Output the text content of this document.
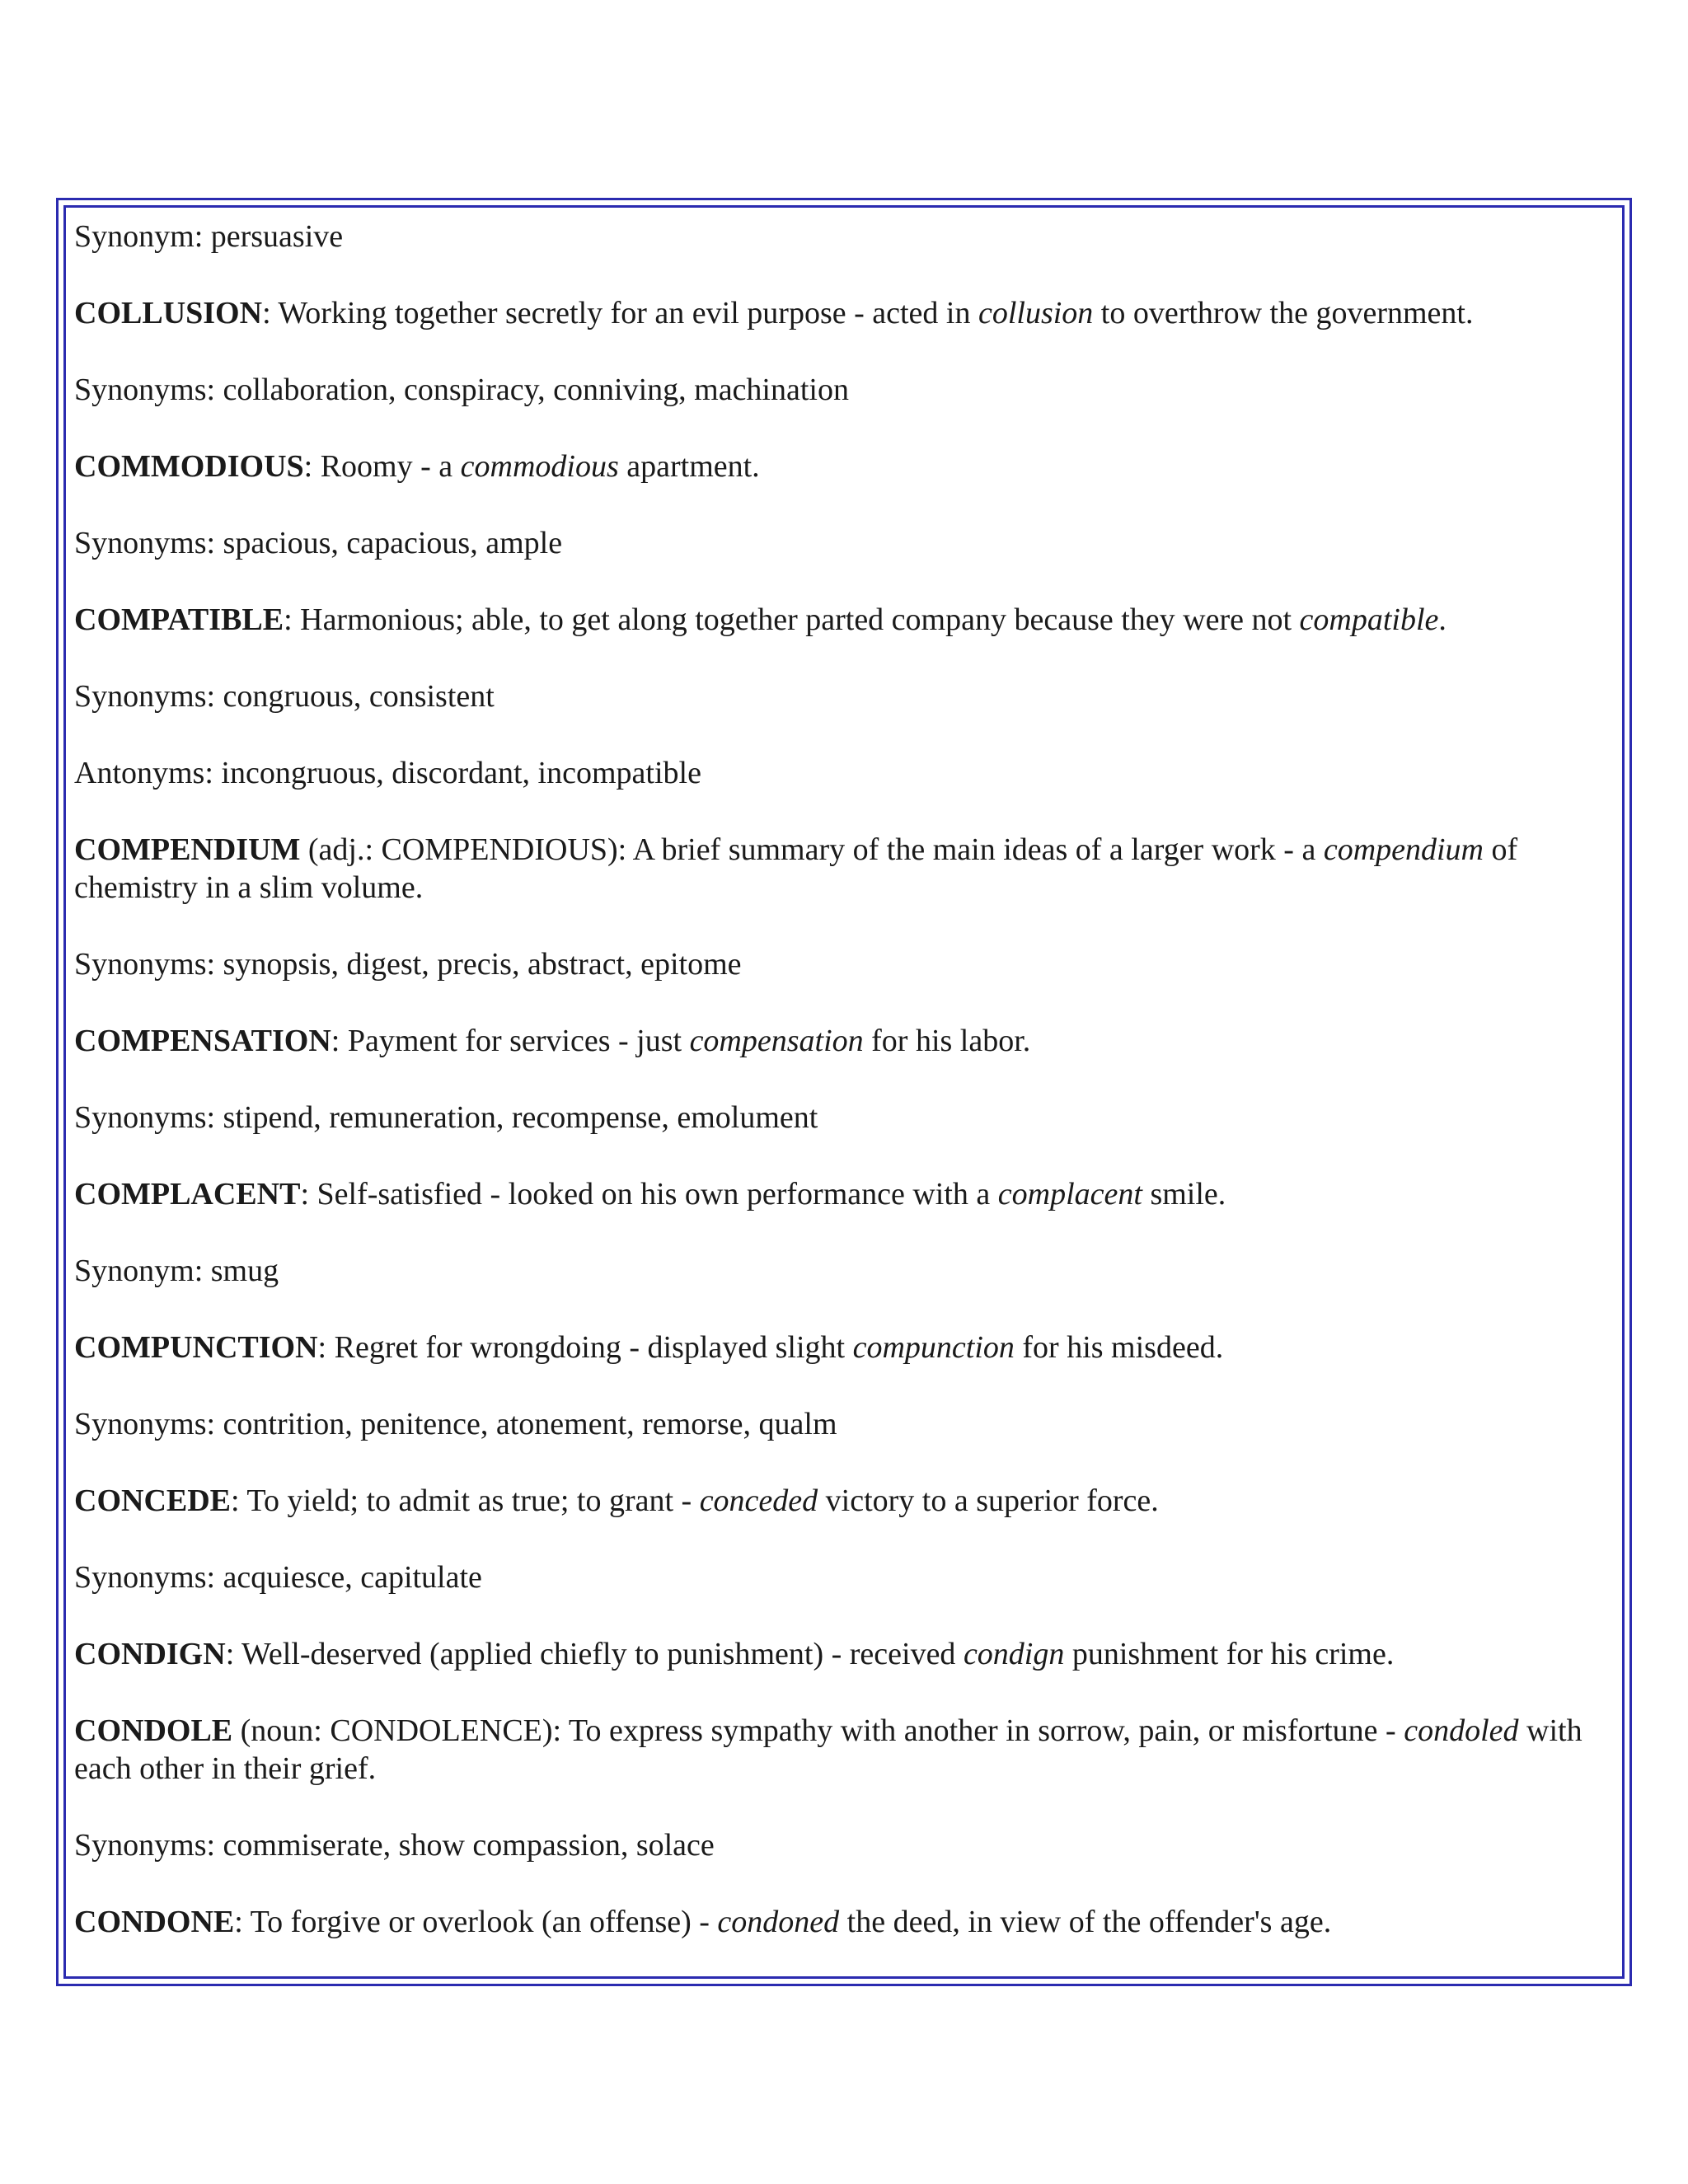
Synonym: persuasive

COLLUSION: Working together secretly for an evil purpose - acted in collusion to overthrow the government.

Synonyms: collaboration, conspiracy, conniving, machination

COMMODIOUS: Roomy - a commodious apartment.

Synonyms: spacious, capacious, ample

COMPATIBLE: Harmonious; able, to get along together parted company because they were not compatible.

Synonyms: congruous, consistent

Antonyms: incongruous, discordant, incompatible

COMPENDIUM (adj.: COMPENDIOUS): A brief summary of the main ideas of a larger work - a compendium of chemistry in a slim volume.

Synonyms: synopsis, digest, precis, abstract, epitome

COMPENSATION: Payment for services - just compensation for his labor.

Synonyms: stipend, remuneration, recompense, emolument

COMPLACENT: Self-satisfied - looked on his own performance with a complacent smile.

Synonym: smug

COMPUNCTION: Regret for wrongdoing - displayed slight compunction for his misdeed.

Synonyms: contrition, penitence, atonement, remorse, qualm

CONCEDE: To yield; to admit as true; to grant - conceded victory to a superior force.

Synonyms: acquiesce, capitulate

CONDIGN: Well-deserved (applied chiefly to punishment) - received condign punishment for his crime.

CONDOLE (noun: CONDOLENCE): To express sympathy with another in sorrow, pain, or misfortune - condoled with each other in their grief.

Synonyms: commiserate, show compassion, solace

CONDONE: To forgive or overlook (an offense) - condoned the deed, in view of the offender's age.
